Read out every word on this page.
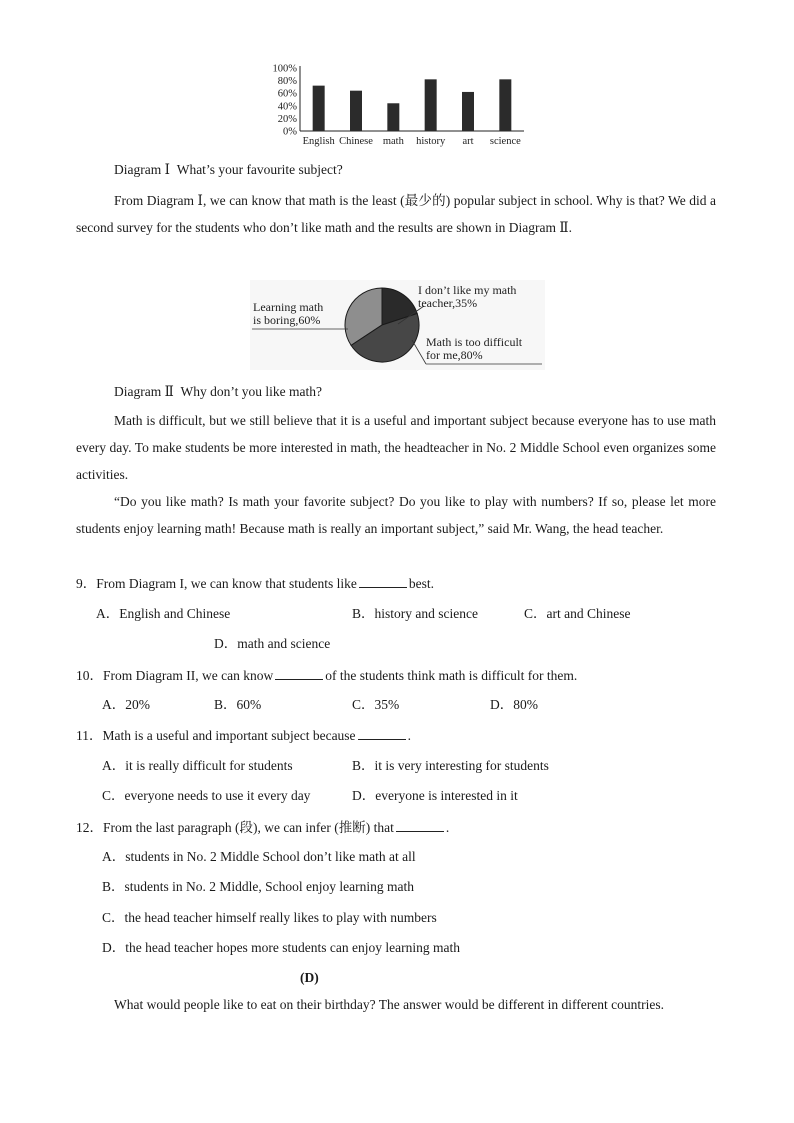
100%
80%
60%
40%
20%
0%
English Chinese math history art science
Diagram Ⅰ What’s your favourite subject?
From Diagram Ⅰ, we can know that math is the least (最少的) popular subject in school. Why is that? We did a second survey for the students who don’t like math and the results are shown in Diagram Ⅱ.
Learning math
is boring,60%
I don’t like my math
teacher,35%
Math is too difficult
for me,80%
Diagram Ⅱ Why don’t you like math?
Math is difficult, but we still believe that it is a useful and important subject because everyone has to use math every day. To make students be more interested in math, the headteacher in No. 2 Middle School even organizes some activities.
“Do you like math? Is math your favorite subject? Do you like to play with numbers? If so, please let more students enjoy learning math! Because math is really an important subject,” said Mr. Wang, the head teacher.
9．From Diagram I, we can know that students like	best.
A．English and Chinese	B．history and science	C．art and Chinese
D．math and science
10．From Diagram II, we can know	of the students think math is difficult for them.
A．20%	B．60%	C．35%	D．80%
11．Math is a useful and important subject because	.
A．it is really difficult for students	B．it is very interesting for students
C．everyone needs to use it every day	D．everyone is interested in it
12．From the last paragraph (段), we can infer (推断) that	.
A．students in No. 2 Middle School don’t like math at all
B．students in No. 2 Middle, School enjoy learning math
C．the head teacher himself really likes to play with numbers
D．the head teacher hopes more students can enjoy learning math
(D)
What would people like to eat on their birthday? The answer would be different in different countries.
